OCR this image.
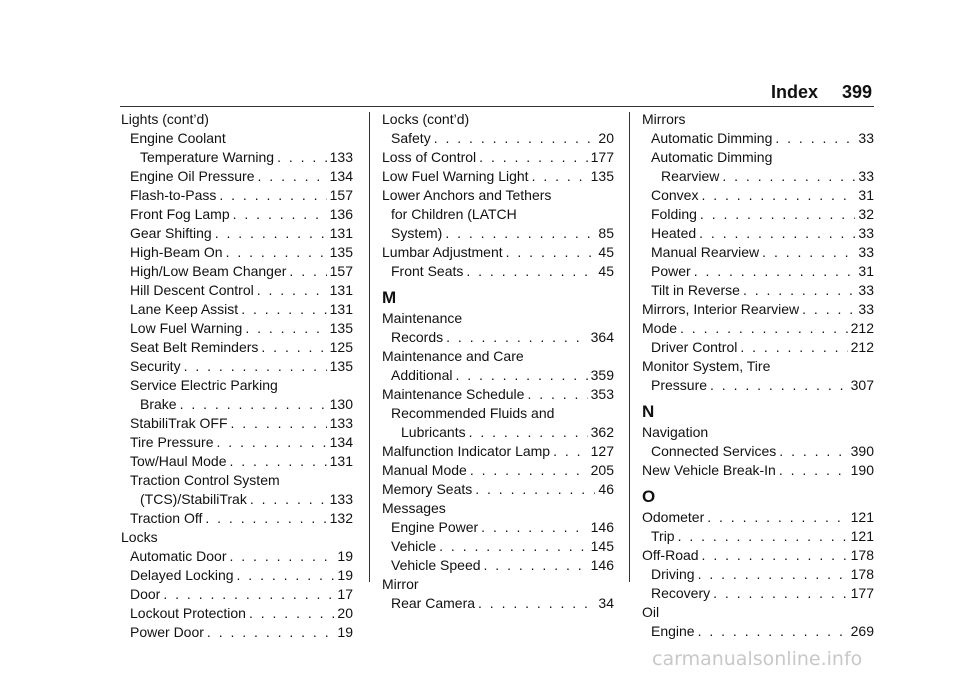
Index 399
Lights (cont’d)
Engine Coolant
Temperature Warning . . .	133
Engine Oil Pressure . . .	134
Flash-to-Pass . . .	157
Front Fog Lamp . . .	136
Gear Shifting . . .	131
High-Beam On . . .	135
High/Low Beam Changer . . .	157
Hill Descent Control . . .	131
Lane Keep Assist . . .	131
Low Fuel Warning . . .	135
Seat Belt Reminders . . .	125
Security . . .	135
Service Electric Parking
Brake . . .	130
StabiliTrak OFF . . .	133
Tire Pressure . . .	134
Tow/Haul Mode . . .	131
Traction Control System
(TCS)/StabiliTrak . . .	133
Traction Off . . .	132
Locks
Automatic Door . . .	19
Delayed Locking . . .	19
Door . . .	17
Lockout Protection . . .	20
Power Door . . .	19
Locks (cont’d)
Safety . . .	20
Loss of Control . . .	177
Low Fuel Warning Light . . .	135
Lower Anchors and Tethers
for Children (LATCH
System) . . .	85
Lumbar Adjustment . . .	45
Front Seats . . .	45
M
Maintenance
Records . . .	364
Maintenance and Care
Additional . . .	359
Maintenance Schedule . . .	353
Recommended Fluids and
Lubricants . . .	362
Malfunction Indicator Lamp . . .	127
Manual Mode . . .	205
Memory Seats . . .	46
Messages
Engine Power . . .	146
Vehicle . . .	145
Vehicle Speed . . .	146
Mirror
Rear Camera . . .	34
Mirrors
Automatic Dimming . . .	33
Automatic Dimming
Rearview . . .	33
Convex . . .	31
Folding . . .	32
Heated . . .	33
Manual Rearview . . .	33
Power . . .	31
Tilt in Reverse . . .	33
Mirrors, Interior Rearview . . .	33
Mode . . .	212
Driver Control . . .	212
Monitor System, Tire
Pressure . . .	307
N
Navigation
Connected Services . . .	390
New Vehicle Break-In . . .	190
O
Odometer . . .	121
Trip . . .	121
Off-Road . . .	178
Driving . . .	178
Recovery . . .	177
Oil
Engine . . .	269
carmanualsonline.info
